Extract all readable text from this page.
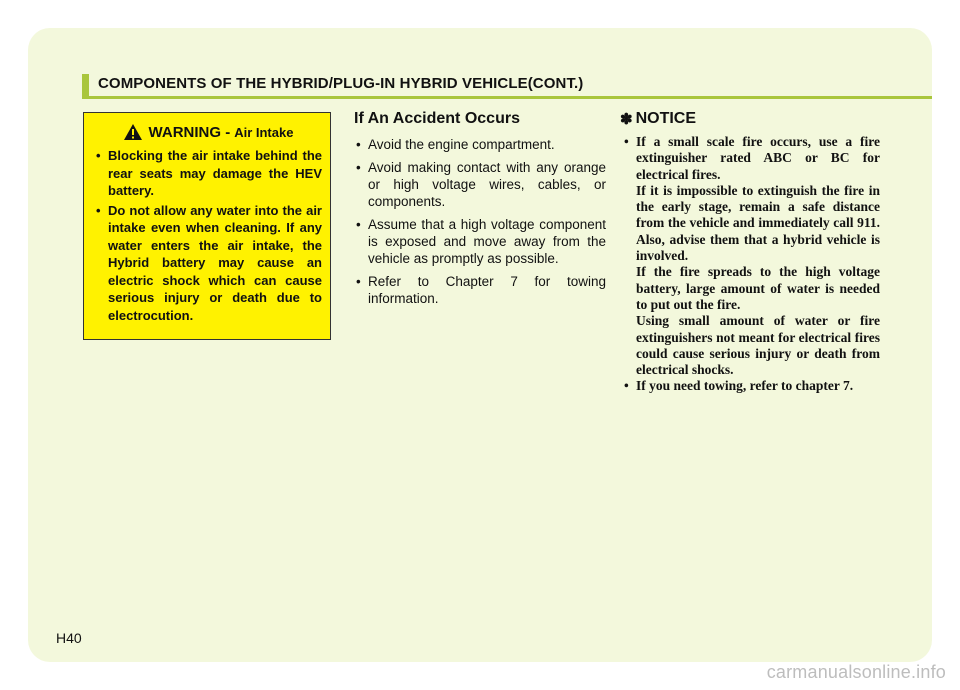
COMPONENTS OF THE HYBRID/PLUG-IN HYBRID VEHICLE(CONT.)
WARNING - Air Intake
• Blocking the air intake behind the rear seats may damage the HEV battery.
• Do not allow any water into the air intake even when cleaning. If any water enters the air intake, the Hybrid battery may cause an electric shock which can cause serious injury or death due to electrocution.
If An Accident Occurs
• Avoid the engine compartment.
• Avoid making contact with any orange or high voltage wires, cables, or components.
• Assume that a high voltage component is exposed and move away from the vehicle as promptly as possible.
• Refer to Chapter 7 for towing information.
✽ NOTICE
• If a small scale fire occurs, use a fire extinguisher rated ABC or BC for electrical fires.
If it is impossible to extinguish the fire in the early stage, remain a safe distance from the vehicle and immediately call 911. Also, advise them that a hybrid vehicle is involved.
If the fire spreads to the high voltage battery, large amount of water is needed to put out the fire.
Using small amount of water or fire extinguishers not meant for electrical fires could cause serious injury or death from electrical shocks.
• If you need towing, refer to chapter 7.
H40
carmanualsonline.info
